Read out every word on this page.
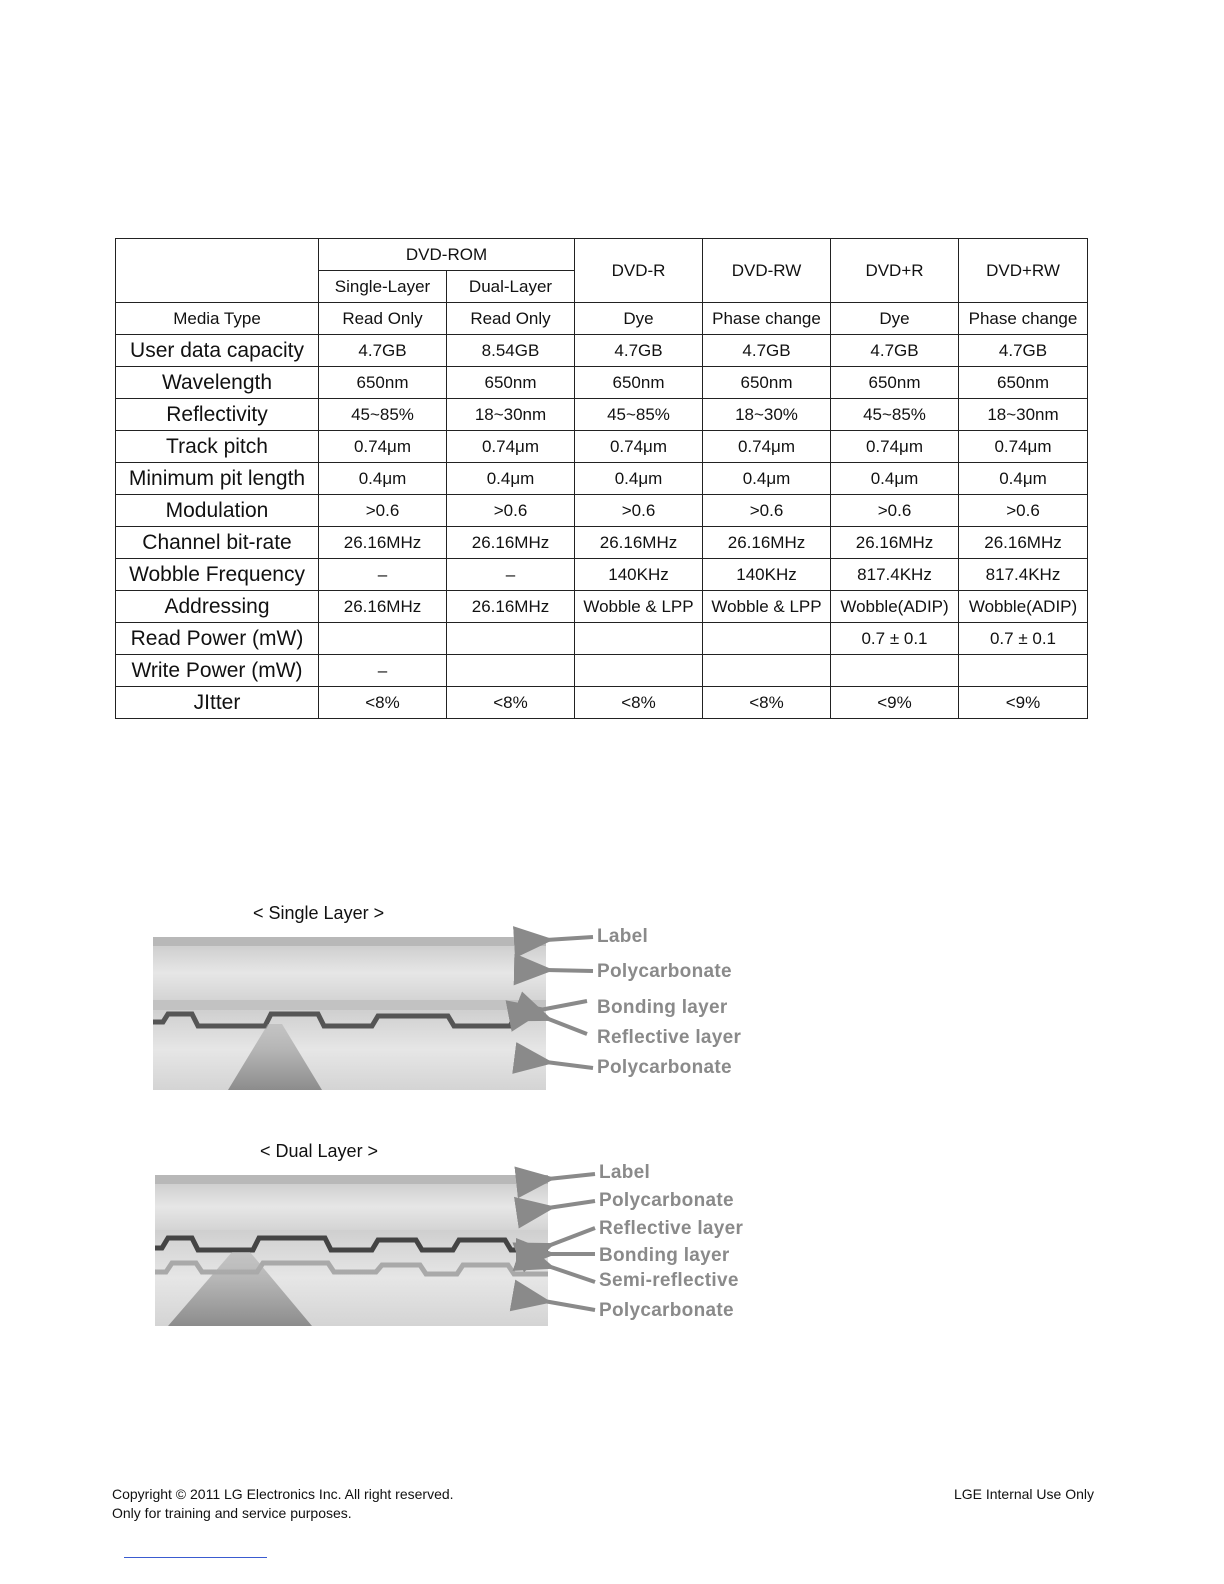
	DVD-ROM		DVD-R	DVD-RW	DVD+R	DVD+RW
	Single-Layer	Dual-Layer				
Media Type	Read Only	Read Only	Dye	Phase change	Dye	Phase change
User data capacity	4.7GB	8.54GB	4.7GB	4.7GB	4.7GB	4.7GB
Wavelength	650nm	650nm	650nm	650nm	650nm	650nm
Reflectivity	45~85%	18~30nm	45~85%	18~30%	45~85%	18~30nm
Track pitch	0.74μm	0.74μm	0.74μm	0.74μm	0.74μm	0.74μm
Minimum pit length	0.4μm	0.4μm	0.4μm	0.4μm	0.4μm	0.4μm
Modulation	>0.6	>0.6	>0.6	>0.6	>0.6	>0.6
Channel bit-rate	26.16MHz	26.16MHz	26.16MHz	26.16MHz	26.16MHz	26.16MHz
Wobble Frequency	–	–	140KHz	140KHz	817.4KHz	817.4KHz
Addressing	26.16MHz	26.16MHz	Wobble & LPP	Wobble & LPP	Wobble(ADIP)	Wobble(ADIP)
Read Power (mW)					0.7 ± 0.1	0.7 ± 0.1
Write Power (mW)	–					
JItter	<8%	<8%	<8%	<8%	<9%	<9%
< Single Layer >
Label
Polycarbonate
Bonding layer
Reflective layer
Polycarbonate
< Dual Layer >
Label
Polycarbonate
Reflective layer
Bonding layer
Semi-reflective
Polycarbonate
Copyright © 2011 LG Electronics Inc. All right reserved.
Only for training and service purposes.
LGE Internal Use Only
